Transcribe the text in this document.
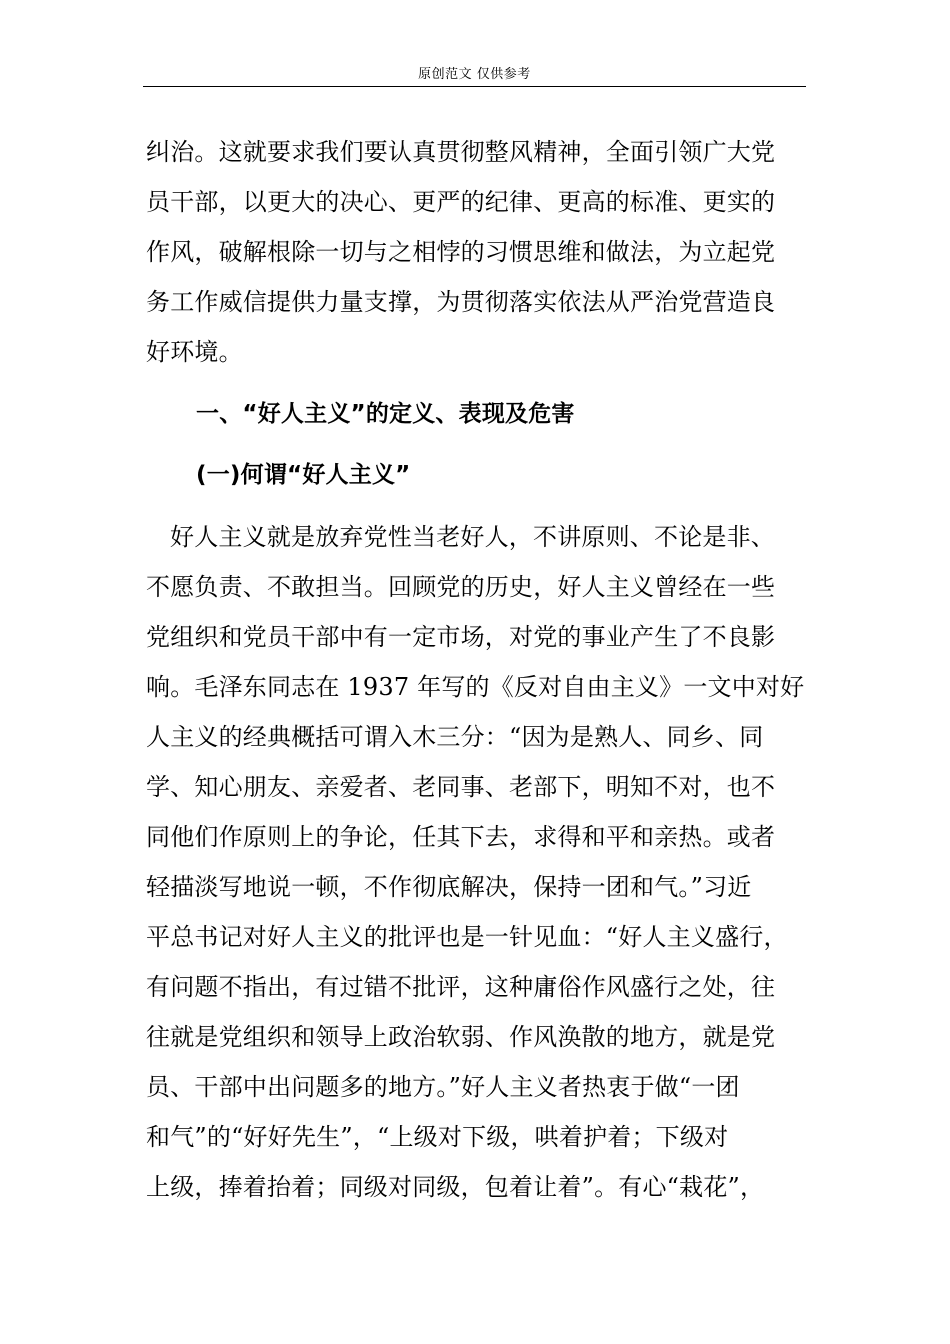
原创范文 仅供参考
纠治。这就要求我们要认真贯彻整风精神，全面引领广大党
员干部，以更大的决心、更严的纪律、更高的标准、更实的
作风，破解根除一切与之相悖的习惯思维和做法，为立起党
务工作威信提供力量支撑，为贯彻落实依法从严治党营造良
好环境。
一、“好人主义”的定义、表现及危害
(一)何谓“好人主义”
好人主义就是放弃党性当老好人，不讲原则、不论是非、
不愿负责、不敢担当。回顾党的历史，好人主义曾经在一些
党组织和党员干部中有一定市场，对党的事业产生了不良影
响。毛泽东同志在 1937 年写的《反对自由主义》一文中对好
人主义的经典概括可谓入木三分：“因为是熟人、同乡、同
学、知心朋友、亲爱者、老同事、老部下，明知不对，也不
同他们作原则上的争论，任其下去，求得和平和亲热。或者
轻描淡写地说一顿，不作彻底解决，保持一团和气。”习近
平总书记对好人主义的批评也是一针见血：“好人主义盛行，
有问题不指出，有过错不批评，这种庸俗作风盛行之处，往
往就是党组织和领导上政治软弱、作风涣散的地方，就是党
员、干部中出问题多的地方。”好人主义者热衷于做“一团
和气”的“好好先生”，“上级对下级，哄着护着；下级对
上级，捧着抬着；同级对同级，包着让着”。有心“栽花”，
